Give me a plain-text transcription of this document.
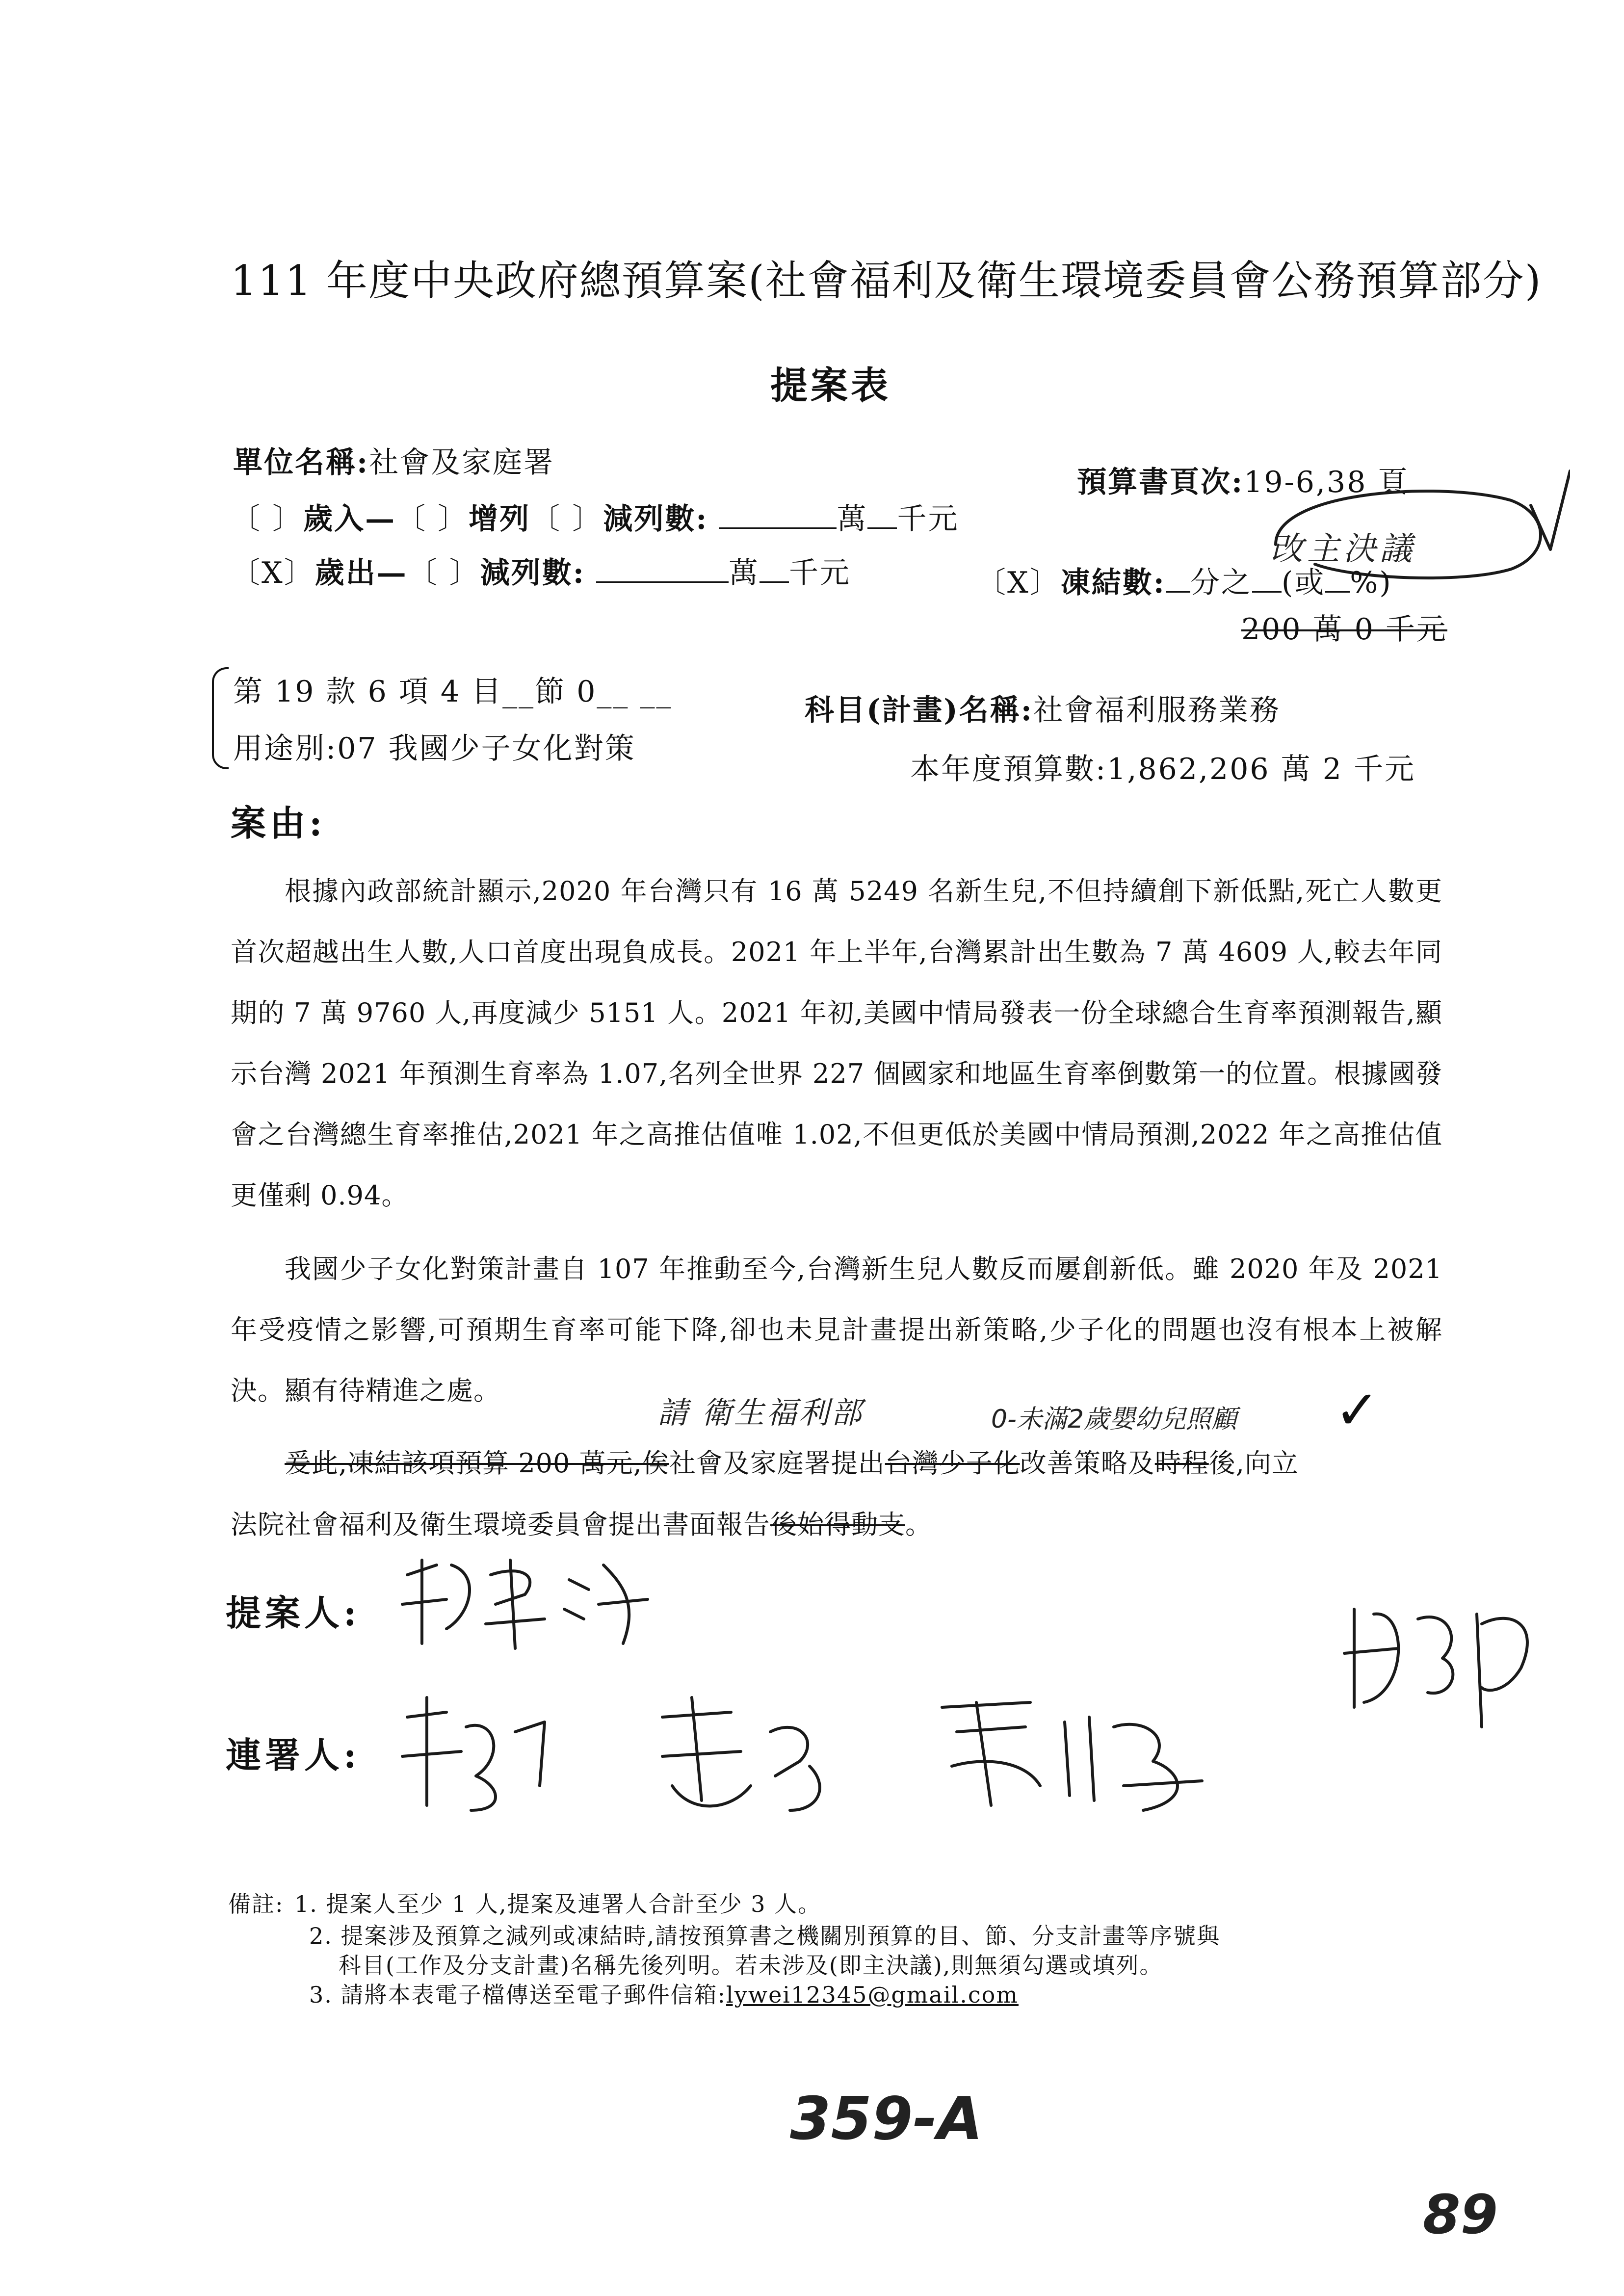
111 年度中央政府總預算案(社會福利及衛生環境委員會公務預算部分)
提案表
單位名稱:社會及家庭署
預算書頁次:19-6,38 頁
改主決議
〔 〕歲入—〔 〕增列〔 〕減列數:	萬 千元
〔X〕歲出—〔 〕減列數:	萬 千元	〔X〕凍結數: 分之 (或 %)
200 萬 0 千元
第 19 款 6 項 4 目__節 0__ __
用途別:07 我國少子女化對策
科目(計畫)名稱:社會福利服務業務
本年度預算數:1,862,206 萬 2 千元
案由:

根據內政部統計顯示,2020 年台灣只有 16 萬 5249 名新生兒,不但持續創下新低點,死亡人數更首次超越出生人數,人口首度出現負成長。2021 年上半年,台灣累計出生數為 7 萬 4609 人,較去年同期的 7 萬 9760 人,再度減少 5151 人。2021 年初,美國中情局發表一份全球總合生育率預測報告,顯示台灣 2021 年預測生育率為 1.07,名列全世界 227 個國家和地區生育率倒數第一的位置。根據國發會之台灣總生育率推估,2021 年之高推估值唯 1.02,不但更低於美國中情局預測,2022 年之高推估值更僅剩 0.94。

我國少子女化對策計畫自 107 年推動至今,台灣新生兒人數反而屢創新低。雖 2020 年及 2021 年受疫情之影響,可預期生育率可能下降,卻也未見計畫提出新策略,少子化的問題也沒有根本上被解決。顯有待精進之處。

請 衛生福利部	0-未滿2歲嬰幼兒照顧 ✓
爰此,凍結該項預算 200 萬元,俟社會及家庭署提出台灣少子化改善策略及時程後,向立
法院社會福利及衛生環境委員會提出書面報告後始得動支。
提案人:
連署人:
備註: 1. 提案人至少 1 人,提案及連署人合計至少 3 人。
2. 提案涉及預算之減列或凍結時,請按預算書之機關別預算的目、節、分支計畫等序號與
科目(工作及分支計畫)名稱先後列明。若未涉及(即主決議),則無須勾選或填列。
3. 請將本表電子檔傳送至電子郵件信箱:lywei12345@gmail.com
359-A
89
